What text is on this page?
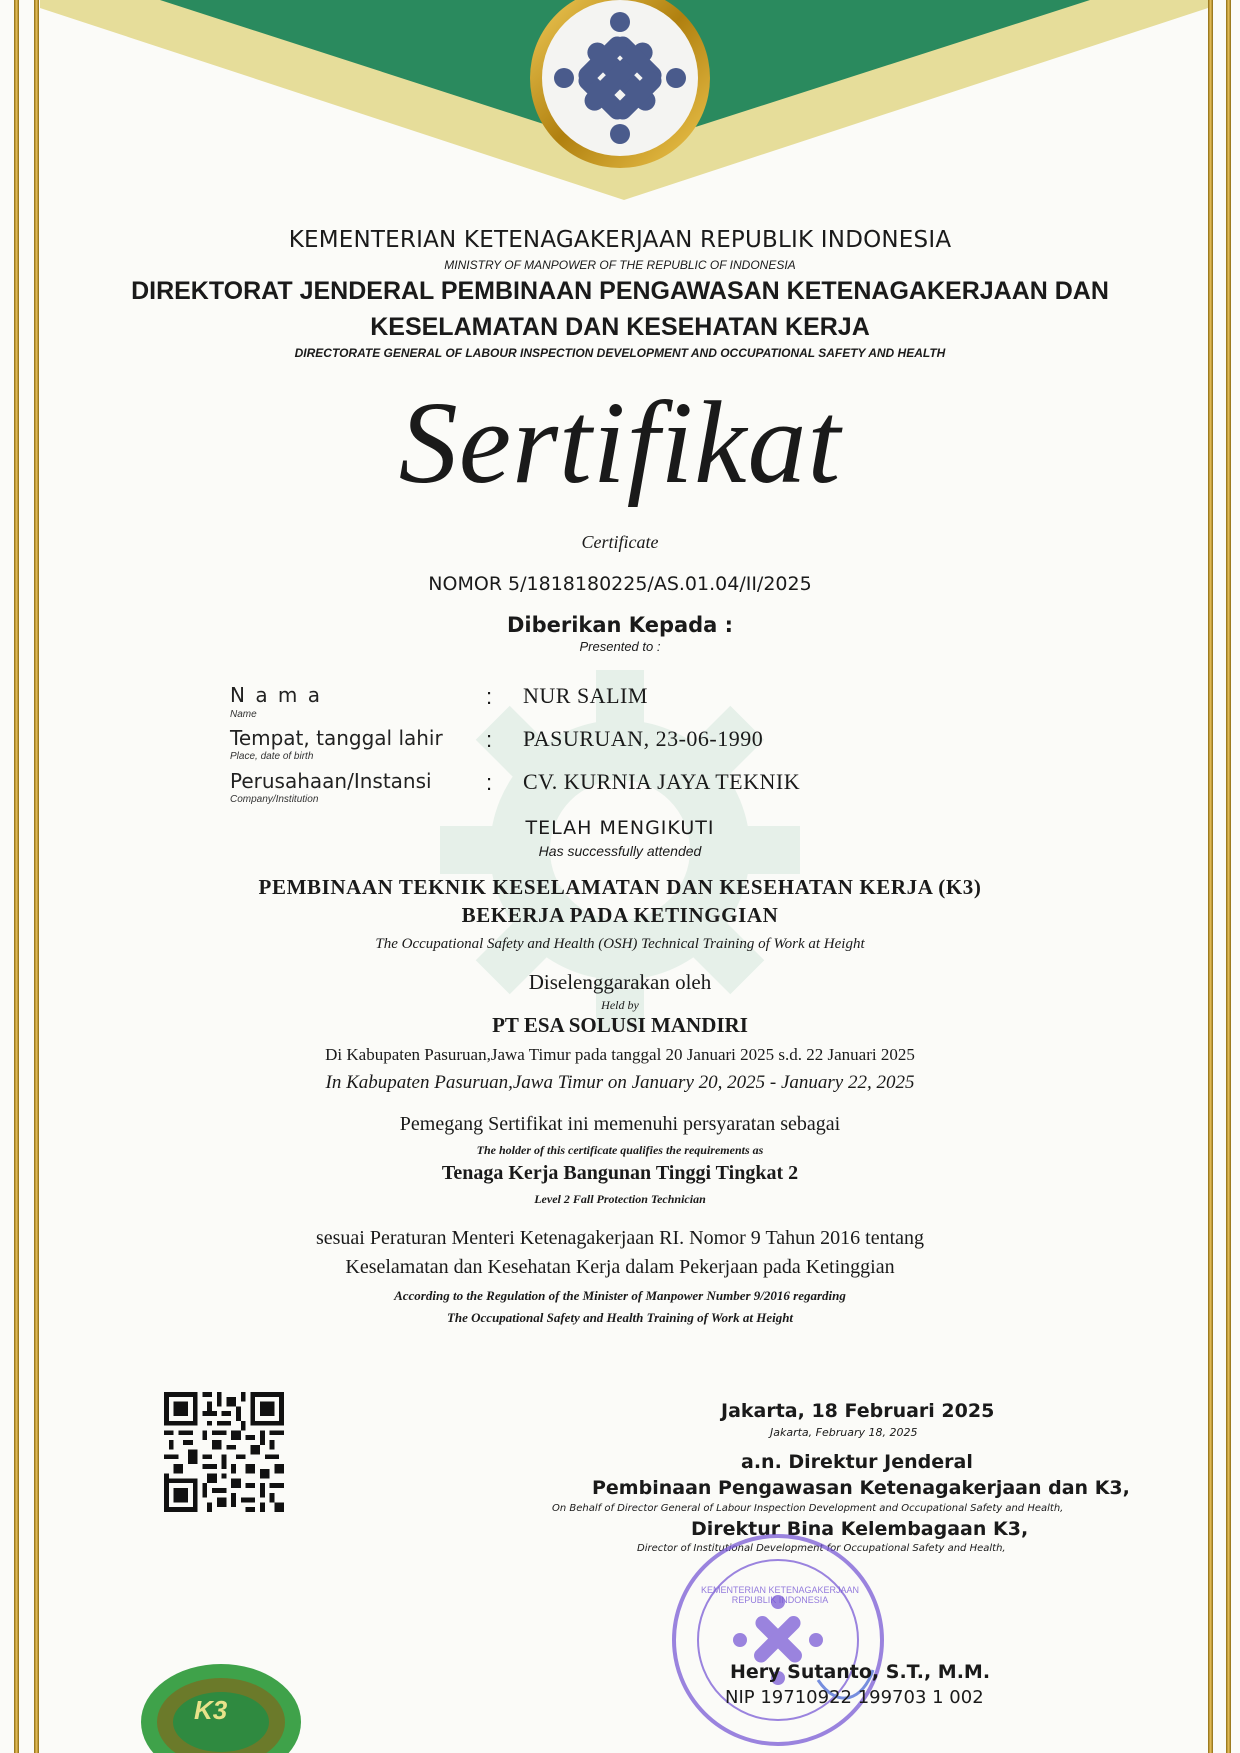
KEMENTERIAN KETENAGAKERJAAN REPUBLIK INDONESIA
MINISTRY OF MANPOWER OF THE REPUBLIC OF INDONESIA
DIREKTORAT JENDERAL PEMBINAAN PENGAWASAN KETENAGAKERJAAN DAN
KESELAMATAN DAN KESEHATAN KERJA
DIRECTORATE GENERAL OF LABOUR INSPECTION DEVELOPMENT AND OCCUPATIONAL SAFETY AND HEALTH
Sertifikat
Certificate
NOMOR 5/1818180225/AS.01.04/II/2025
Diberikan Kepada :
Presented to :
N a m a
Name
: NUR SALIM
Tempat, tanggal lahir
Place, date of birth
: PASURUAN, 23-06-1990
Perusahaan/Instansi
Company/Institution
: CV. KURNIA JAYA TEKNIK
TELAH MENGIKUTI
Has successfully attended
PEMBINAAN TEKNIK KESELAMATAN DAN KESEHATAN KERJA (K3)
BEKERJA PADA KETINGGIAN
The Occupational Safety and Health (OSH) Technical Training of Work at Height
Diselenggarakan oleh
Held by
PT ESA SOLUSI MANDIRI
Di Kabupaten Pasuruan,Jawa Timur pada tanggal 20 Januari 2025 s.d. 22 Januari 2025
In Kabupaten Pasuruan,Jawa Timur on January 20, 2025 - January 22, 2025
Pemegang Sertifikat ini memenuhi persyaratan sebagai
The holder of this certificate qualifies the requirements as
Tenaga Kerja Bangunan Tinggi Tingkat 2
Level 2 Fall Protection Technician
sesuai Peraturan Menteri Ketenagakerjaan RI. Nomor 9 Tahun 2016 tentang
Keselamatan dan Kesehatan Kerja dalam Pekerjaan pada Ketinggian
According to the Regulation of the Minister of Manpower Number 9/2016 regarding
The Occupational Safety and Health Training of Work at Height
Jakarta, 18 Februari 2025
Jakarta, February 18, 2025
a.n. Direktur Jenderal
Pembinaan Pengawasan Ketenagakerjaan dan K3,
On Behalf of Director General of Labour Inspection Development and Occupational Safety and Health,
Direktur Bina Kelembagaan K3,
Director of Institutional Development for Occupational Safety and Health,
KEMENTERIAN KETENAGAKERJAAN REPUBLIK INDONESIA
Hery Sutanto, S.T., M.M.
NIP 19710922 199703 1 002
K3
